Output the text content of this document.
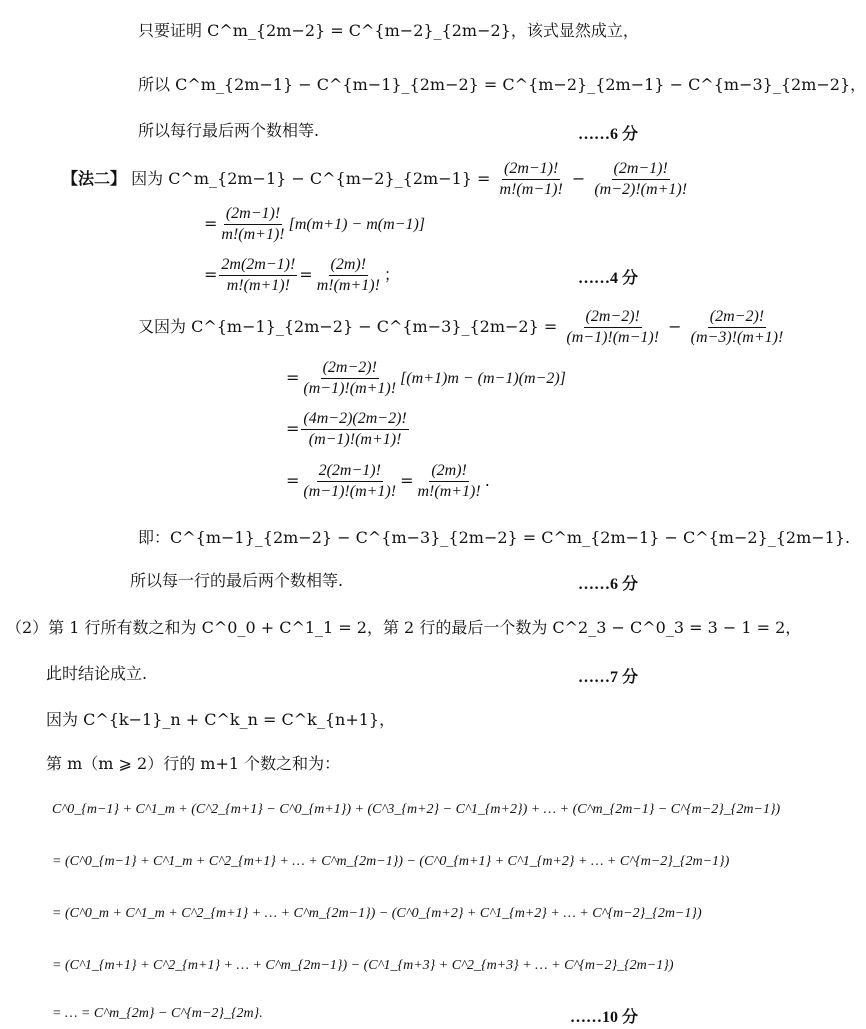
只要证明 C^m_{2m−2} = C^{m−2}_{2m−2}，该式显然成立，
所以 C^m_{2m−1} − C^{m−1}_{2m−2} = C^{m−2}_{2m−1} − C^{m−3}_{2m−2}，
所以每行最后两个数相等.	……6 分
【法二】 因为 C^m_{2m−1} − C^{m−2}_{2m−1} = $\frac{(2m-1)!}{m!(m-1)!} - \frac{(2m-1)!}{(m-2)!(m+1)!}$
= $\frac{(2m-1)!}{m!(m+1)!} [m(m+1) - m(m-1)]$
= $\frac{2m(2m-1)!}{m!(m+1)!} = \frac{(2m)!}{m!(m+1)!}$ ；	……4 分
又因为 C^{m−1}_{2m−2} − C^{m−3}_{2m−2} = $\frac{(2m-2)!}{(m-1)!(m-1)!} - \frac{(2m-2)!}{(m-3)!(m+1)!}$
= $\frac{(2m-2)!}{(m-1)!(m+1)!} [(m+1)m - (m-1)(m-2)]$
= $\frac{(4m-2)(2m-2)!}{(m-1)!(m+1)!}$
= $\frac{2(2m-1)!}{(m-1)!(m+1)!} = \frac{(2m)!}{m!(m+1)!}$ .
即：C^{m−1}_{2m−2} − C^{m−3}_{2m−2} = C^m_{2m−1} − C^{m−2}_{2m−1}.
所以每一行的最后两个数相等.	……6 分
（2）第 1 行所有数之和为 C^0_0 + C^1_1 = 2，第 2 行的最后一个数为 C^2_3 − C^0_3 = 3 − 1 = 2，
此时结论成立.	……7 分
因为 C^{k−1}_n + C^k_n = C^k_{n+1}，
第 m（m ⩾ 2）行的 m+1 个数之和为：
C^0_{m−1} + C^1_m + (C^2_{m+1} − C^0_{m+1}) + (C^3_{m+2} − C^1_{m+2}) + … + (C^m_{2m−1} − C^{m−2}_{2m−1})
= (C^0_{m−1} + C^1_m + C^2_{m+1} + … + C^m_{2m−1}) − (C^0_{m+1} + C^1_{m+2} + … + C^{m−2}_{2m−1})
= (C^0_m + C^1_m + C^2_{m+1} + … + C^m_{2m−1}) − (C^0_{m+2} + C^1_{m+2} + … + C^{m−2}_{2m−1})
= (C^1_{m+1} + C^2_{m+1} + … + C^m_{2m−1}) − (C^1_{m+3} + C^2_{m+3} + … + C^{m−2}_{2m−1})
= … = C^m_{2m} − C^{m−2}_{2m}.	……10 分
